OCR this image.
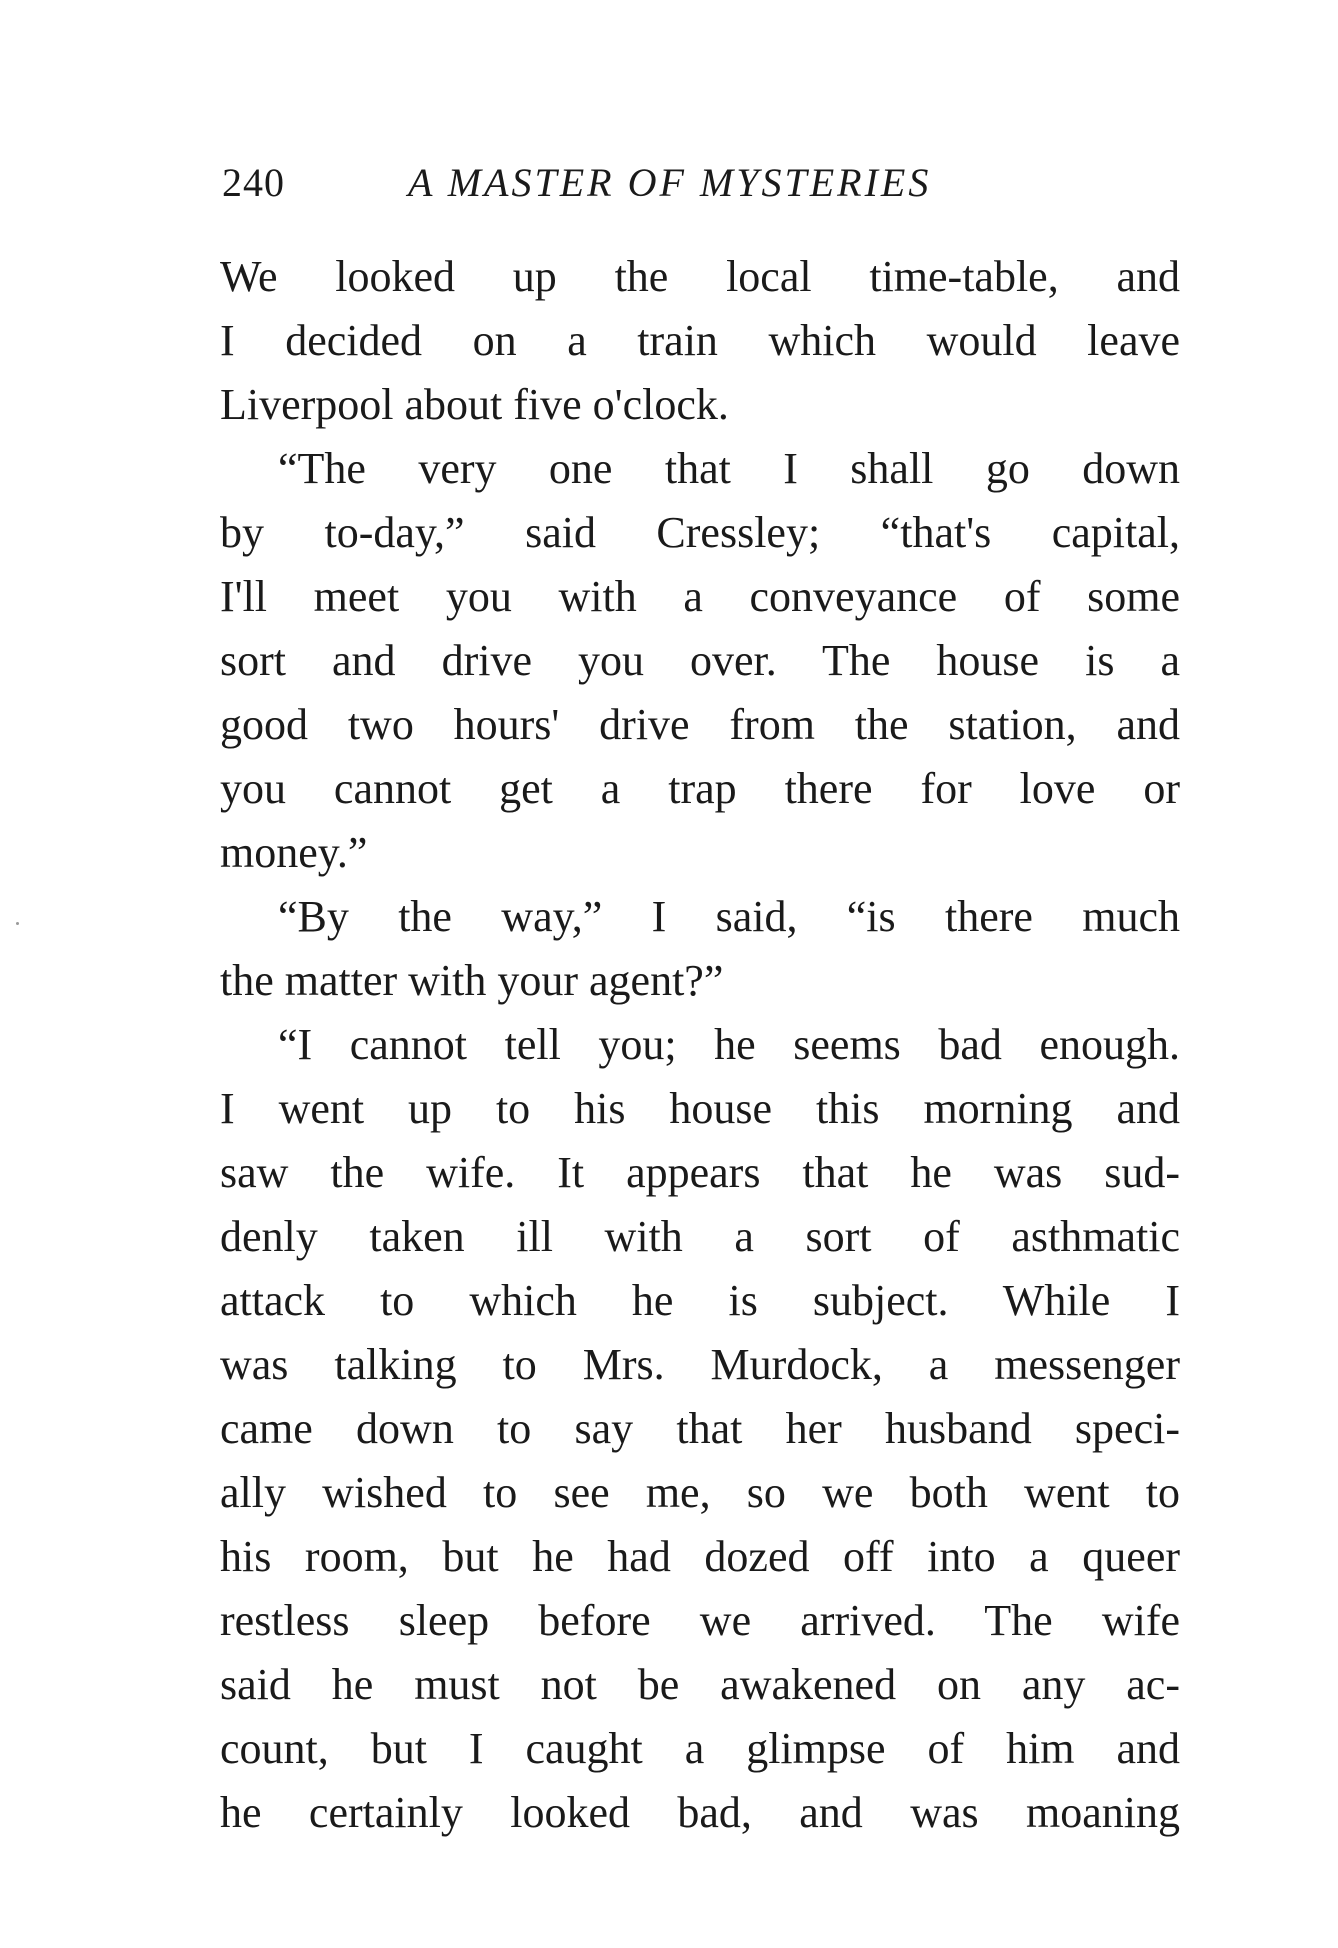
240	A MASTER OF MYSTERIES
We looked up the local time-table, and
I decided on a train which would leave
Liverpool about five o'clock.
“The very one that I shall go down
by to-day,” said Cressley; “that's capital,
I'll meet you with a conveyance of some
sort and drive you over. The house is a
good two hours' drive from the station, and
you cannot get a trap there for love or
money.”
“By the way,” I said, “is there much
the matter with your agent?”
“I cannot tell you; he seems bad enough.
I went up to his house this morning and
saw the wife. It appears that he was sud-
denly taken ill with a sort of asthmatic
attack to which he is subject. While I
was talking to Mrs. Murdock, a messenger
came down to say that her husband speci-
ally wished to see me, so we both went to
his room, but he had dozed off into a queer
restless sleep before we arrived. The wife
said he must not be awakened on any ac-
count, but I caught a glimpse of him and
he certainly looked bad, and was moaning
